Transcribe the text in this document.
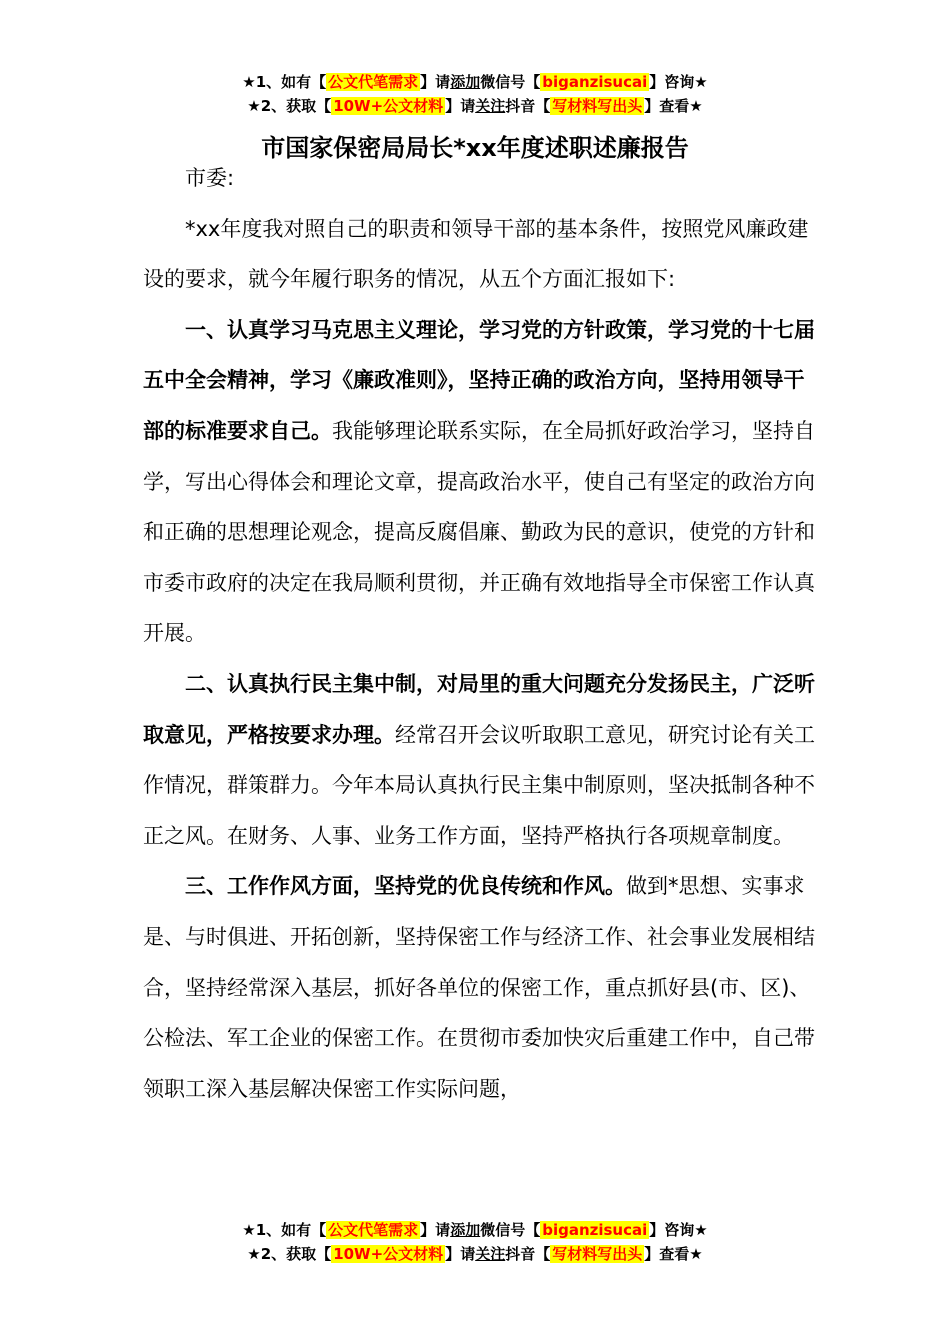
★1、如有【 公文代笔需求 】请添加微信号【 biganzisucai 】咨询★
★2、获取【 10W+公文材料 】请关注抖音【 写材料写出头 】查看★
市国家保密局局长*xx年度述职述廉报告

市委:

*xx年度我对照自己的职责和领导干部的基本条件，按照党风廉政建设的要求，就今年履行职务的情况，从五个方面汇报如下:

一、认真学习马克思主义理论，学习党的方针政策，学习党的十七届五中全会精神，学习《廉政准则》，坚持正确的政治方向，坚持用领导干部的标准要求自己。我能够理论联系实际，在全局抓好政治学习，坚持自学，写出心得体会和理论文章，提高政治水平，使自己有坚定的政治方向和正确的思想理论观念，提高反腐倡廉、勤政为民的意识，使党的方针和市委市政府的决定在我局顺利贯彻，并正确有效地指导全市保密工作认真开展。

二、认真执行民主集中制，对局里的重大问题充分发扬民主，广泛听取意见，严格按要求办理。经常召开会议听取职工意见，研究讨论有关工作情况，群策群力。今年本局认真执行民主集中制原则，坚决抵制各种不正之风。在财务、人事、业务工作方面，坚持严格执行各项规章制度。

三、工作作风方面，坚持党的优良传统和作风。做到*思想、实事求是、与时俱进、开拓创新，坚持保密工作与经济工作、社会事业发展相结合，坚持经常深入基层，抓好各单位的保密工作，重点抓好县(市、区)、公检法、军工企业的保密工作。在贯彻市委加快灾后重建工作中，自己带领职工深入基层解决保密工作实际问题，

★1、如有【 公文代笔需求 】请添加微信号【 biganzisucai 】咨询★
★2、获取【 10W+公文材料 】请关注抖音【 写材料写出头 】查看★
